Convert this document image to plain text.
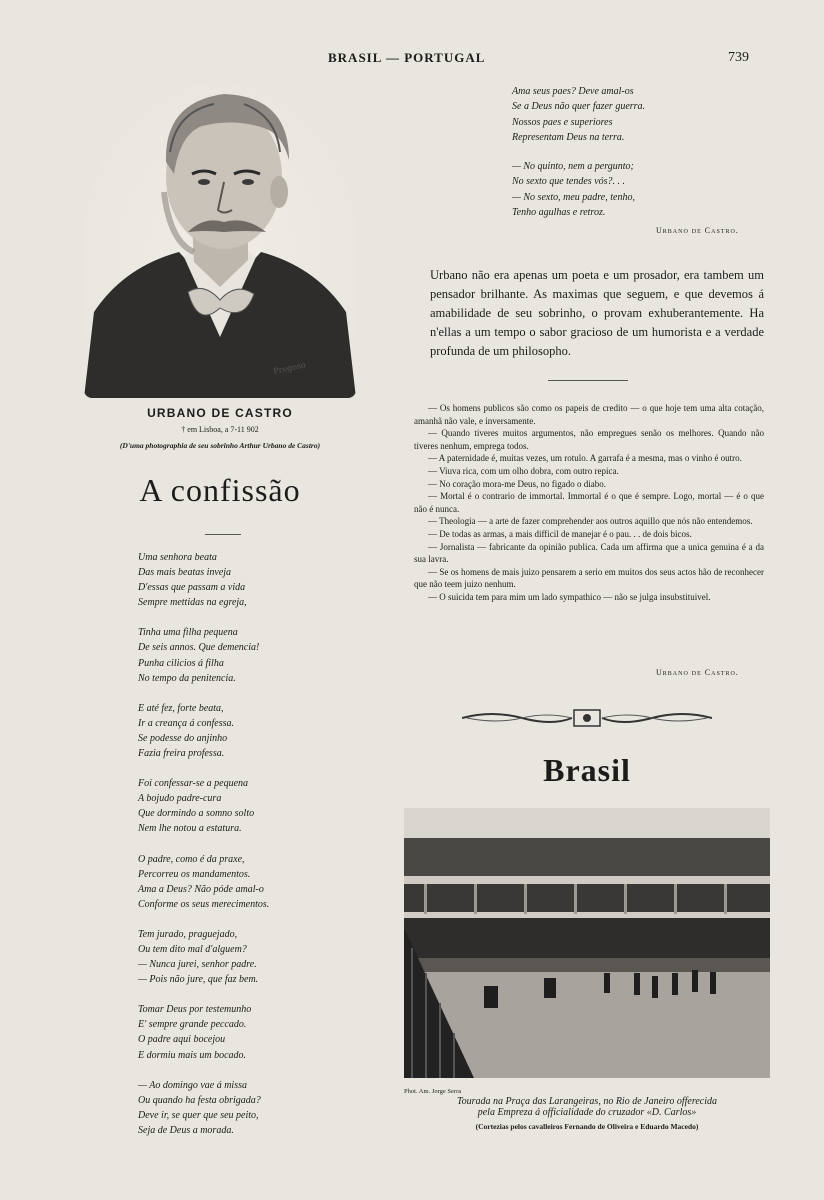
BRASIL — PORTUGAL	739
Pregoso
URBANO DE CASTRO
† em Lisboa, a 7-11 902
(D'uma photographia de seu sobrinho Arthur Urbano de Castro)
A confissão
Uma senhora beata
Das mais beatas inveja
D'essas que passam a vida
Sempre mettidas na egreja,
Tinha uma filha pequena
De seis annos. Que demencia!
Punha cilicios á filha
No tempo da penitencia.
E até fez, forte beata,
Ir a creança á confessa.
Se podesse do anjinho
Fazia freira professa.
Foi confessar-se a pequena
A bojudo padre-cura
Que dormindo a somno solto
Nem lhe notou a estatura.
O padre, como é da praxe,
Percorreu os mandamentos.
Ama a Deus? Não póde amal-o
Conforme os seus merecimentos.
Tem jurado, praguejado,
Ou tem dito mal d'alguem?
— Nunca jurei, senhor padre.
— Pois não jure, que faz bem.
Tomar Deus por testemunho
E' sempre grande peccado.
O padre aqui bocejou
E dormiu mais um bocado.
— Ao domingo vae á missa
Ou quando ha festa obrigada?
Deve ir, se quer que seu peito,
Seja de Deus a morada.
Ama seus paes? Deve amal-os
Se a Deus não quer fazer guerra.
Nossos paes e superiores
Representam Deus na terra.
— No quinto, nem a pergunto;
No sexto que tendes vós?. . .
— No sexto, meu padre, tenho,
Tenho agulhas e retroz.
Urbano de Castro.
Urbano não era apenas um poeta e um prosador, era tambem um pensador brilhante. As maximas que seguem, e que devemos á amabilidade de seu sobrinho, o provam exhuberantemente. Ha n'ellas a um tempo o sabor gracioso de um humorista e a verdade profunda de um philosopho.

— Os homens publicos são como os papeis de credito — o que hoje tem uma alta cotação, amanhã não vale, e inversamente.

— Quando tiveres muitos argumentos, não empregues senão os melhores. Quando não tiveres nenhum, emprega todos.

— A paternidade é, muitas vezes, um rotulo. A garrafa é a mesma, mas o vinho é outro.

— Viuva rica, com um olho dobra, com outro repica.

— No coração mora-me Deus, no figado o diabo.

— Mortal é o contrario de immortal. Immortal é o que é sempre. Logo, mortal — é o que não é nunca.

— Theologia — a arte de fazer comprehender aos outros aquillo que nós não entendemos.

— De todas as armas, a mais difficil de manejar é o pau. . . de dois bicos.

— Jornalista — fabricante da opinião publica. Cada um affirma que a unica genuina é a da sua lavra.

— Se os homens de mais juizo pensarem a serio em muitos dos seus actos hão de reconhecer que não teem juizo nenhum.

— O suicida tem para mim um lado sympathico — não se julga insubstituivel.

Urbano de Castro.
Brasil
Phot. Am. Jorge Serra
Tourada na Praça das Larangeiras, no Rio de Janeiro offerecida
pela Empreza á officialidade do cruzador «D. Carlos»
(Cortezias pelos cavalleiros Fernando de Oliveira e Eduardo Macedo)
